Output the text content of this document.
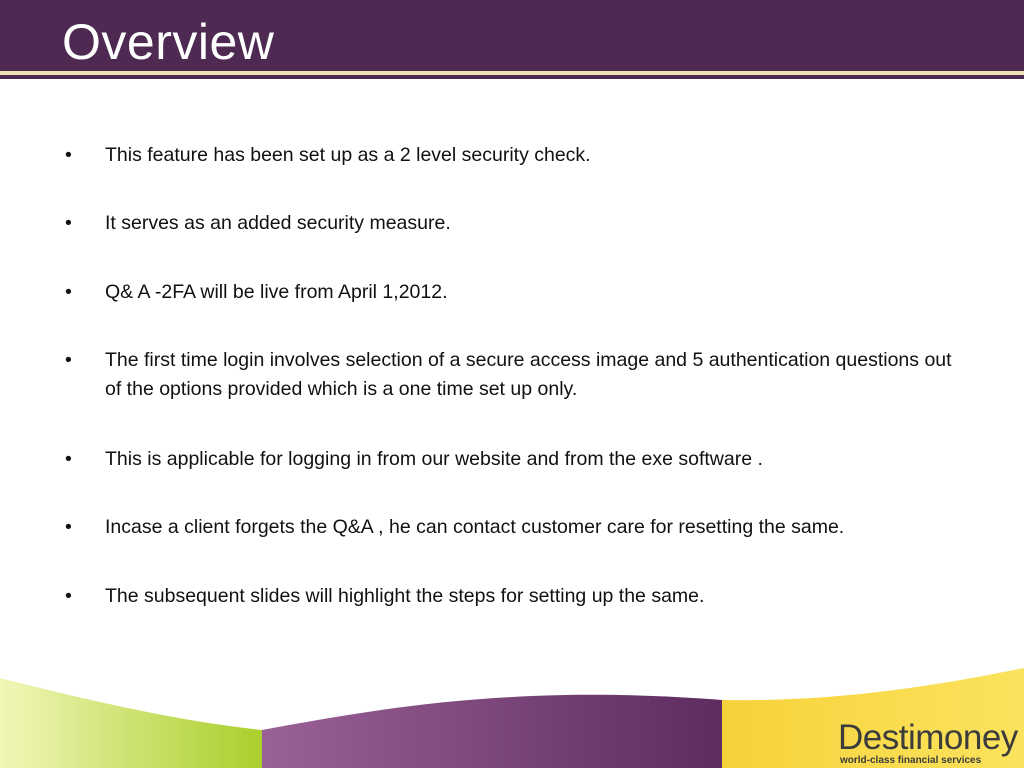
Overview
• This feature has been set up as a 2 level security check.
• It serves as an added security measure.
• Q& A -2FA will be live from April 1,2012.
• The first time login involves selection of a secure access image and 5 authentication questions out of the options provided which is a one time set up only.
• This is applicable for logging in from our website and from the exe software .
• Incase a client forgets the Q&A , he can contact customer care for resetting the same.
• The subsequent slides will highlight the steps for setting up the same.
Destimoney
world-class financial services
